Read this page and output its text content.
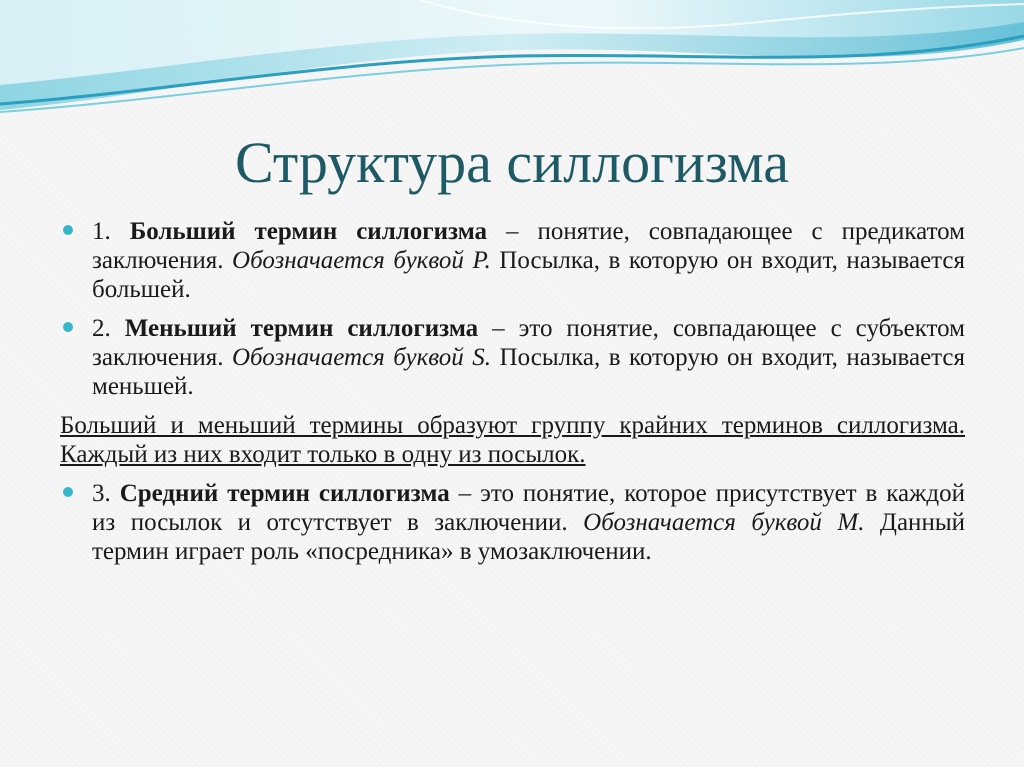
Структура силлогизма

1. Больший термин силлогизма – понятие, совпадающее с предикатом заключения. Обозначается буквой P. Посылка, в которую он входит, называется большей.

2. Меньший термин силлогизма – это понятие, совпадающее с субъектом заключения. Обозначается буквой S. Посылка, в которую он входит, называется меньшей.

Больший и меньший термины образуют группу крайних терминов силлогизма. Каждый из них входит только в одну из посылок.

3. Средний термин силлогизма – это понятие, которое присутствует в каждой из посылок и отсутствует в заключении. Обозначается буквой M. Данный термин играет роль «посредника» в умозаключении.
